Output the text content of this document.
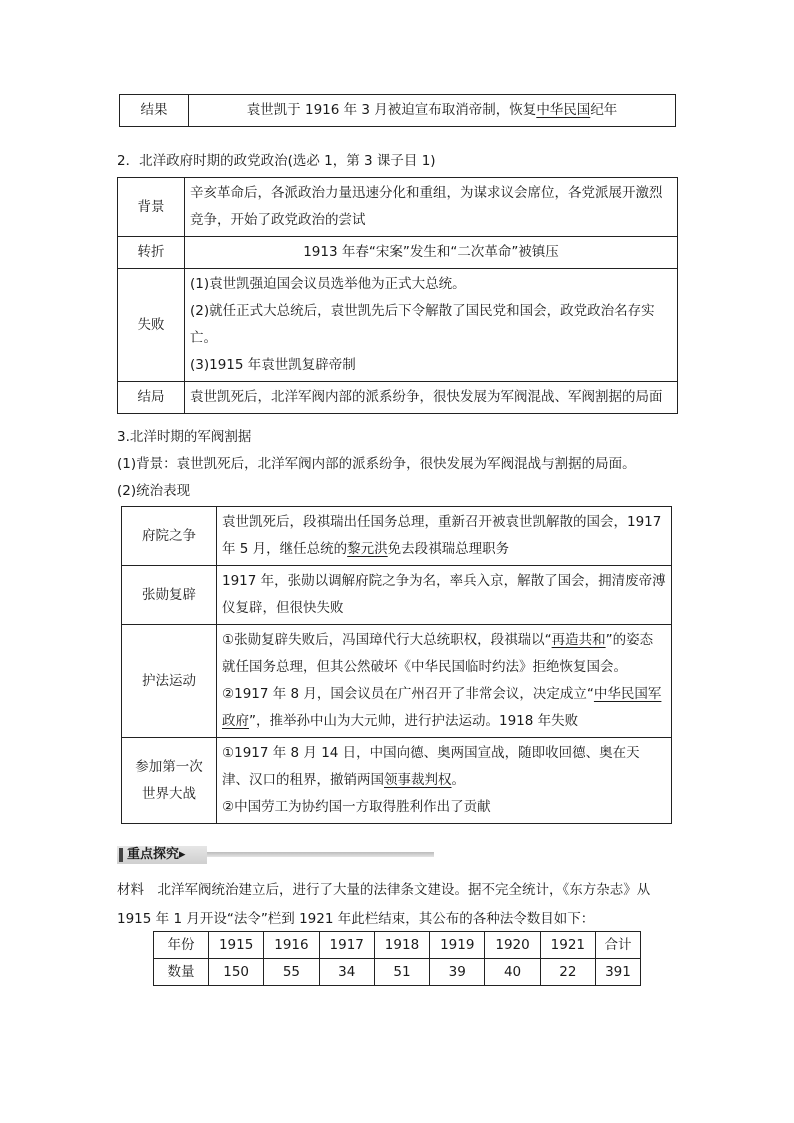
结果	袁世凯于 1916 年 3 月被迫宣布取消帝制，恢复中华民国纪年
2．北洋政府时期的政党政治(选必 1，第 3 课子目 1)
背景	辛亥革命后，各派政治力量迅速分化和重组，为谋求议会席位，各党派展开激烈竞争，开始了政党政治的尝试
转折	1913 年春“宋案”发生和“二次革命”被镇压
失败	(1)袁世凯强迫国会议员选举他为正式大总统。
(2)就任正式大总统后，袁世凯先后下令解散了国民党和国会，政党政治名存实亡。
(3)1915 年袁世凯复辟帝制

结局	袁世凯死后，北洋军阀内部的派系纷争，很快发展为军阀混战、军阀割据的局面

3.北洋时期的军阀割据

(1)背景：袁世凯死后，北洋军阀内部的派系纷争，很快发展为军阀混战与割据的局面。

(2)统治表现

府院之争	袁世凯死后，段祺瑞出任国务总理，重新召开被袁世凯解散的国会，1917 年 5 月，继任总统的黎元洪免去段祺瑞总理职务
张勋复辟	1917 年，张勋以调解府院之争为名，率兵入京，解散了国会，拥清废帝溥仪复辟，但很快失败
护法运动	①张勋复辟失败后，冯国璋代行大总统职权，段祺瑞以“再造共和”的姿态就任国务总理，但其公然破坏《中华民国临时约法》拒绝恢复国会。
②1917 年 8 月，国会议员在广州召开了非常会议，决定成立“中华民国军政府”，推举孙中山为大元帅，进行护法运动。1918 年失败

参加第一次
世界大战	①1917 年 8 月 14 日，中国向德、奥两国宣战，随即收回德、奥在天津、汉口的租界，撤销两国领事裁判权。
②中国劳工为协约国一方取得胜利作出了贡献
重点探究▸
材料　北洋军阀统治建立后，进行了大量的法律条文建设。据不完全统计，《东方杂志》从 1915 年 1 月开设“法令”栏到 1921 年此栏结束，其公布的各种法令数目如下：
年份	1915	1916	1917	1918	1919	1920	1921	合计
数量	150	55	34	51	39	40	22	391
